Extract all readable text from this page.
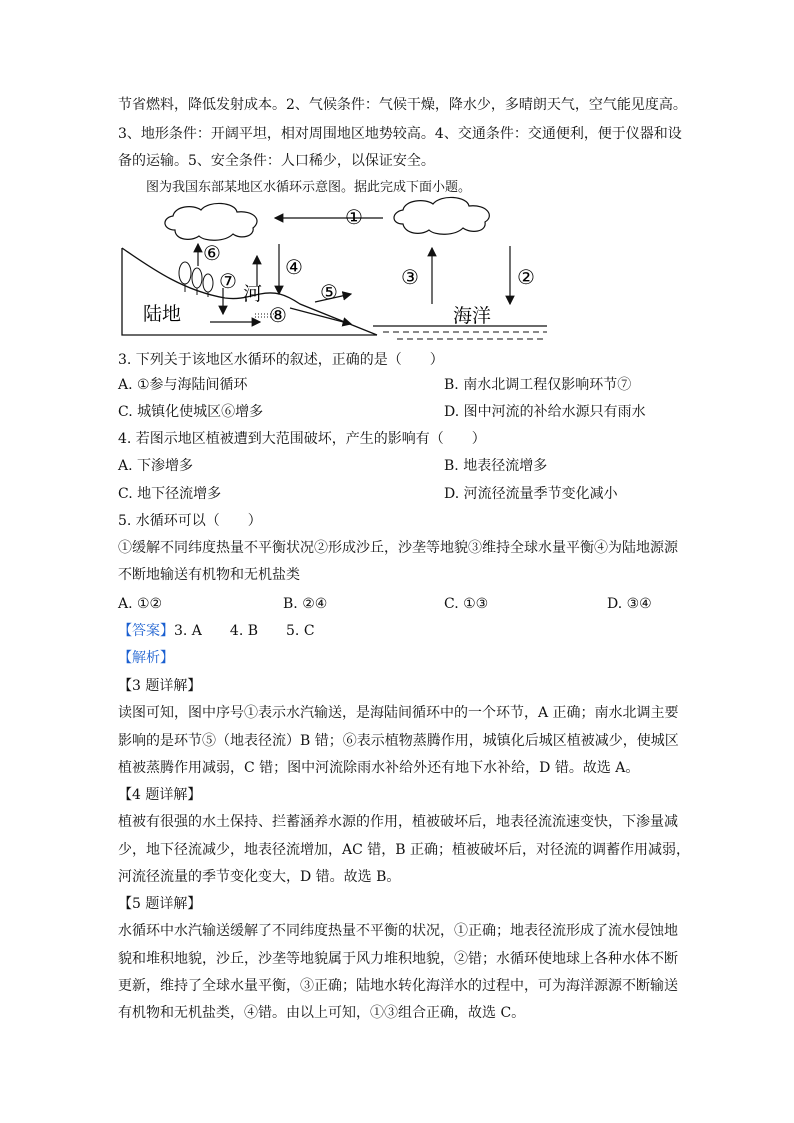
节省燃料，降低发射成本。2、气候条件：气候干燥，降水少，多晴朗天气，空气能见度高。
3、地形条件：开阔平坦，相对周围地区地势较高。4、交通条件：交通便利，便于仪器和设
备的运输。5、安全条件：人口稀少，以保证安全。
图为我国东部某地区水循环示意图。据此完成下面小题。
①
②
③
④
⑤
⑥
⑦
⑧
陆地
河
海洋
3. 下列关于该地区水循环的叙述，正确的是（　　）
A. ①参与海陆间循环	B. 南水北调工程仅影响环节⑦
C. 城镇化使城区⑥增多	D. 图中河流的补给水源只有雨水
4. 若图示地区植被遭到大范围破坏，产生的影响有（　　）
A. 下渗增多	B. 地表径流增多
C. 地下径流增多	D. 河流径流量季节变化减小
5. 水循环可以（　　）
①缓解不同纬度热量不平衡状况②形成沙丘，沙垄等地貌③维持全球水量平衡④为陆地源源
不断地输送有机物和无机盐类
A. ①②	B. ②④	C. ①③	D. ③④
【答案】3. A　　4. B　　5. C
【解析】
【3 题详解】
读图可知，图中序号①表示水汽输送，是海陆间循环中的一个环节，A 正确；南水北调主要
影响的是环节⑤（地表径流）B 错；⑥表示植物蒸腾作用，城镇化后城区植被减少，使城区
植被蒸腾作用减弱，C 错；图中河流除雨水补给外还有地下水补给，D 错。故选 A。
【4 题详解】
植被有很强的水土保持、拦蓄涵养水源的作用，植被破坏后，地表径流流速变快，下渗量减
少，地下径流减少，地表径流增加，AC 错，B 正确；植被破坏后，对径流的调蓄作用减弱，
河流径流量的季节变化变大，D 错。故选 B。
【5 题详解】
水循环中水汽输送缓解了不同纬度热量不平衡的状况，①正确；地表径流形成了流水侵蚀地
貌和堆积地貌，沙丘，沙垄等地貌属于风力堆积地貌，②错；水循环使地球上各种水体不断
更新，维持了全球水量平衡，③正确；陆地水转化海洋水的过程中，可为海洋源源不断输送
有机物和无机盐类，④错。由以上可知，①③组合正确，故选 C。
